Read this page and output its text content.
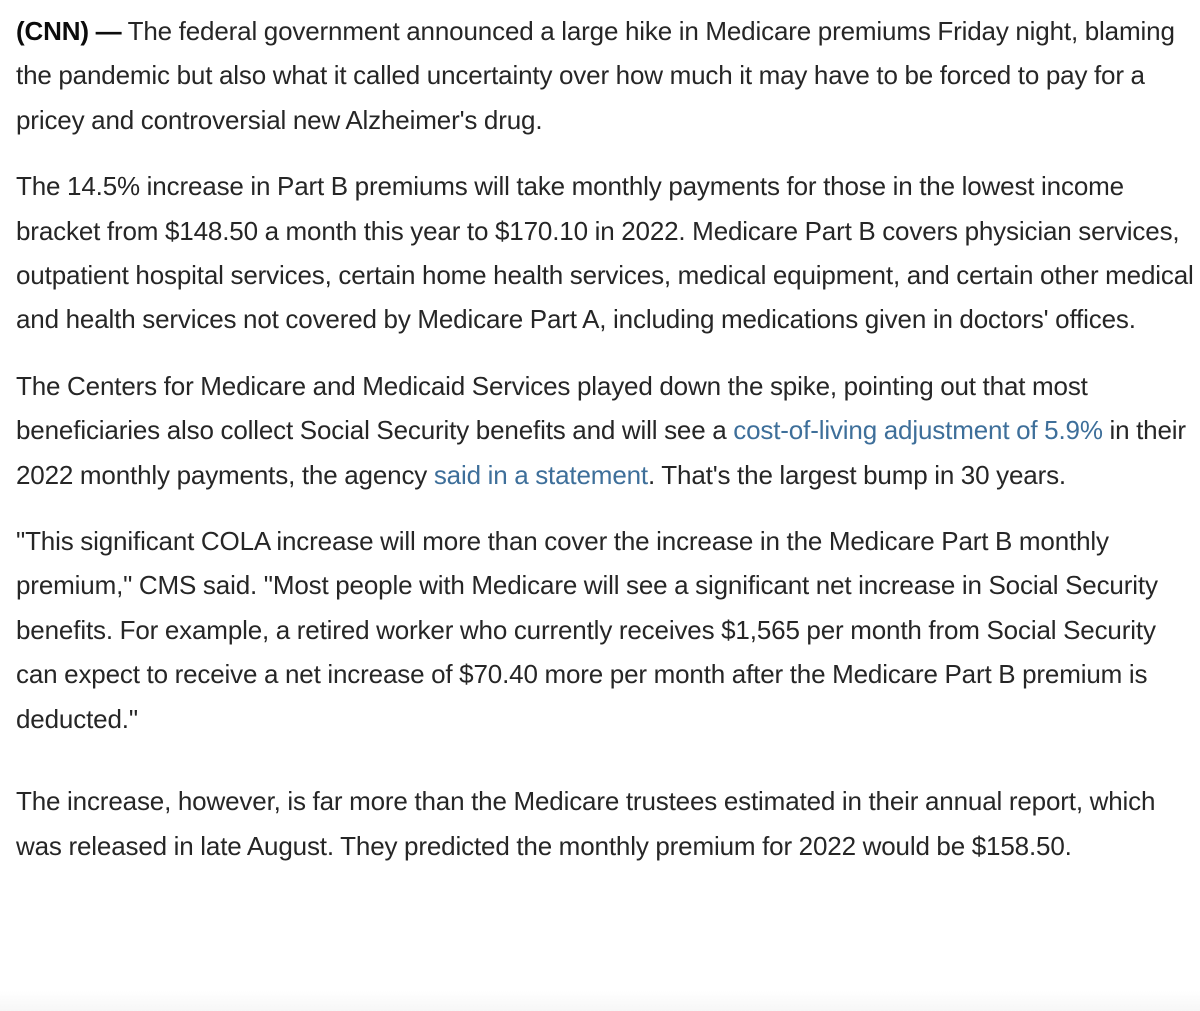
(CNN) — The federal government announced a large hike in Medicare premiums Friday night, blaming the pandemic but also what it called uncertainty over how much it may have to be forced to pay for a pricey and controversial new Alzheimer's drug.

The 14.5% increase in Part B premiums will take monthly payments for those in the lowest income bracket from $148.50 a month this year to $170.10 in 2022. Medicare Part B covers physician services, outpatient hospital services, certain home health services, medical equipment, and certain other medical and health services not covered by Medicare Part A, including medications given in doctors' offices.

The Centers for Medicare and Medicaid Services played down the spike, pointing out that most beneficiaries also collect Social Security benefits and will see a cost-of-living adjustment of 5.9% in their 2022 monthly payments, the agency said in a statement. That's the largest bump in 30 years.

"This significant COLA increase will more than cover the increase in the Medicare Part B monthly premium," CMS said. "Most people with Medicare will see a significant net increase in Social Security benefits. For example, a retired worker who currently receives $1,565 per month from Social Security can expect to receive a net increase of $70.40 more per month after the Medicare Part B premium is deducted."

The increase, however, is far more than the Medicare trustees estimated in their annual report, which was released in late August. They predicted the monthly premium for 2022 would be $158.50.
